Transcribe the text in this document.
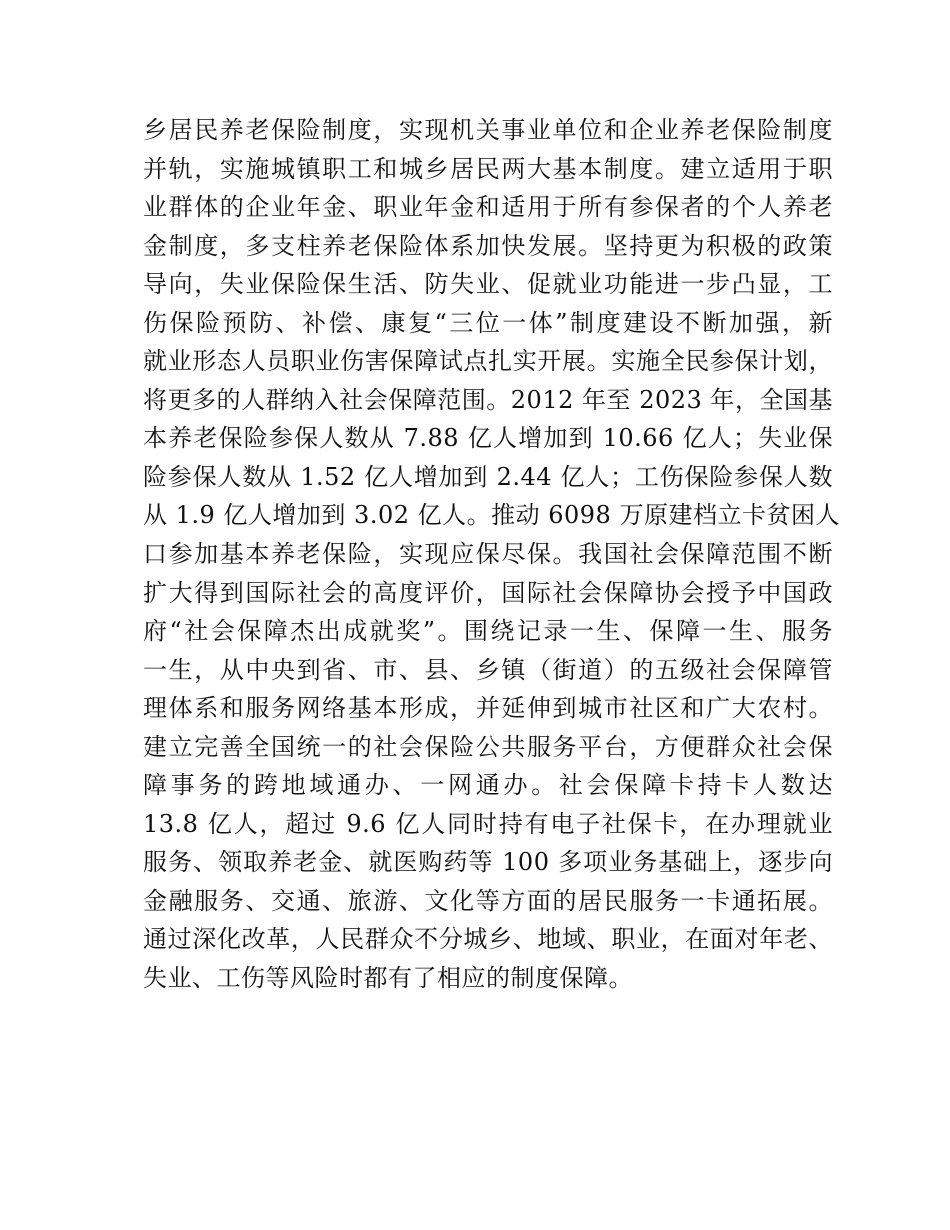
乡居民养老保险制度，实现机关事业单位和企业养老保险制度
并轨，实施城镇职工和城乡居民两大基本制度。建立适用于职
业群体的企业年金、职业年金和适用于所有参保者的个人养老
金制度，多支柱养老保险体系加快发展。坚持更为积极的政策
导向，失业保险保生活、防失业、促就业功能进一步凸显，工
伤保险预防、补偿、康复“三位一体”制度建设不断加强，新
就业形态人员职业伤害保障试点扎实开展。实施全民参保计划，
将更多的人群纳入社会保障范围。2012 年至 2023 年，全国基
本养老保险参保人数从 7.88 亿人增加到 10.66 亿人；失业保
险参保人数从 1.52 亿人增加到 2.44 亿人；工伤保险参保人数
从 1.9 亿人增加到 3.02 亿人。推动 6098 万原建档立卡贫困人
口参加基本养老保险，实现应保尽保。我国社会保障范围不断
扩大得到国际社会的高度评价，国际社会保障协会授予中国政
府“社会保障杰出成就奖”。围绕记录一生、保障一生、服务
一生，从中央到省、市、县、乡镇（街道）的五级社会保障管
理体系和服务网络基本形成，并延伸到城市社区和广大农村。
建立完善全国统一的社会保险公共服务平台，方便群众社会保
障事务的跨地域通办、一网通办。社会保障卡持卡人数达
13.8 亿人，超过 9.6 亿人同时持有电子社保卡，在办理就业
服务、领取养老金、就医购药等 100 多项业务基础上，逐步向
金融服务、交通、旅游、文化等方面的居民服务一卡通拓展。
通过深化改革，人民群众不分城乡、地域、职业，在面对年老、
失业、工伤等风险时都有了相应的制度保障。
